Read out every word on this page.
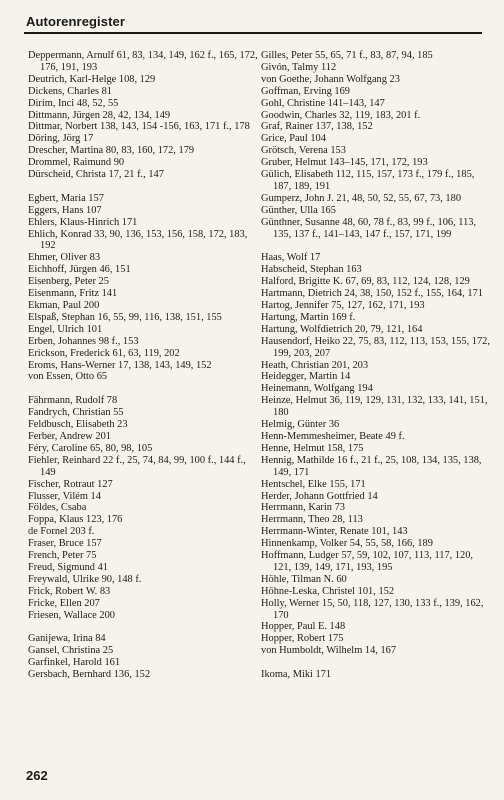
Autorenregister
Deppermann, Arnulf 61, 83, 134, 149, 162 f., 165, 172, 176, 191, 193
Deutrich, Karl-Helge 108, 129
Dickens, Charles 81
Dirim, Inci 48, 52, 55
Dittmann, Jürgen 28, 42, 134, 149
Dittmar, Norbert 138, 143, 154 -156, 163, 171 f., 178
Döring, Jörg 17
Drescher, Martina 80, 83, 160, 172, 179
Drommel, Raimund 90
Dürscheid, Christa 17, 21 f., 147
Egbert, Maria 157
Eggers, Hans 107
Ehlers, Klaus-Hinrich 171
Ehlich, Konrad 33, 90, 136, 153, 156, 158, 172, 183, 192
Ehmer, Oliver 83
Eichhoff, Jürgen 46, 151
Eisenberg, Peter 25
Eisenmann, Fritz 141
Ekman, Paul 200
Elspaß, Stephan 16, 55, 99, 116, 138, 151, 155
Engel, Ulrich 101
Erben, Johannes 98 f., 153
Erickson, Frederick 61, 63, 119, 202
Eroms, Hans-Werner 17, 138, 143, 149, 152
von Essen, Otto 65
Fährmann, Rudolf 78
Fandrych, Christian 55
Feldbusch, Elisabeth 23
Ferber, Andrew 201
Féry, Caroline 65, 80, 98, 105
Fiehler, Reinhard 22 f., 25, 74, 84, 99, 100 f., 144 f., 149
Fischer, Rotraut 127
Flusser, Vilém 14
Földes, Csaba
Foppa, Klaus 123, 176
de Fornel 203 f.
Fraser, Bruce 157
French, Peter 75
Freud, Sigmund 41
Freywald, Ulrike 90, 148 f.
Frick, Robert W. 83
Fricke, Ellen 207
Friesen, Wallace 200
Ganijewa, Irina 84
Gansel, Christina 25
Garfinkel, Harold 161
Gersbach, Bernhard 136, 152
Gilles, Peter 55, 65, 71 f., 83, 87, 94, 185
Givón, Talmy 112
von Goethe, Johann Wolfgang 23
Goffman, Erving 169
Gohl, Christine 141–143, 147
Goodwin, Charles 32, 119, 183, 201 f.
Graf, Rainer 137, 138, 152
Grice, Paul 104
Grötsch, Verena 153
Gruber, Helmut 143–145, 171, 172, 193
Gülich, Elisabeth 112, 115, 157, 173 f., 179 f., 185, 187, 189, 191
Gumperz, John J. 21, 48, 50, 52, 55, 67, 73, 180
Günther, Ulla 165
Günthner, Susanne 48, 60, 78 f., 83, 99 f., 106, 113, 135, 137 f., 141–143, 147 f., 157, 171, 199
Haas, Wolf 17
Habscheid, Stephan 163
Halford, Brigitte K. 67, 69, 83, 112, 124, 128, 129
Hartmann, Dietrich 24, 38, 150, 152 f., 155, 164, 171
Hartog, Jennifer 75, 127, 162, 171, 193
Hartung, Martin 169 f.
Hartung, Wolfdietrich 20, 79, 121, 164
Hausendorf, Heiko 22, 75, 83, 112, 113, 153, 155, 172, 199, 203, 207
Heath, Christian 201, 203
Heidegger, Martin 14
Heinemann, Wolfgang 194
Heinze, Helmut 36, 119, 129, 131, 132, 133, 141, 151, 180
Helmig, Günter 36
Henn-Memmesheimer, Beate 49 f.
Henne, Helmut 158, 175
Hennig, Mathilde 16 f., 21 f., 25, 108, 134, 135, 138, 149, 171
Hentschel, Elke 155, 171
Herder, Johann Gottfried 14
Herrmann, Karin 73
Herrmann, Theo 28, 113
Herrmann-Winter, Renate 101, 143
Hinnenkamp, Volker 54, 55, 58, 166, 189
Hoffmann, Ludger 57, 59, 102, 107, 113, 117, 120, 121, 139, 149, 171, 193, 195
Höhle, Tilman N. 60
Höhne-Leska, Christel 101, 152
Holly, Werner 15, 50, 118, 127, 130, 133 f., 139, 162, 170
Hopper, Paul E. 148
Hopper, Robert 175
von Humboldt, Wilhelm 14, 167
Ikoma, Miki 171
262
